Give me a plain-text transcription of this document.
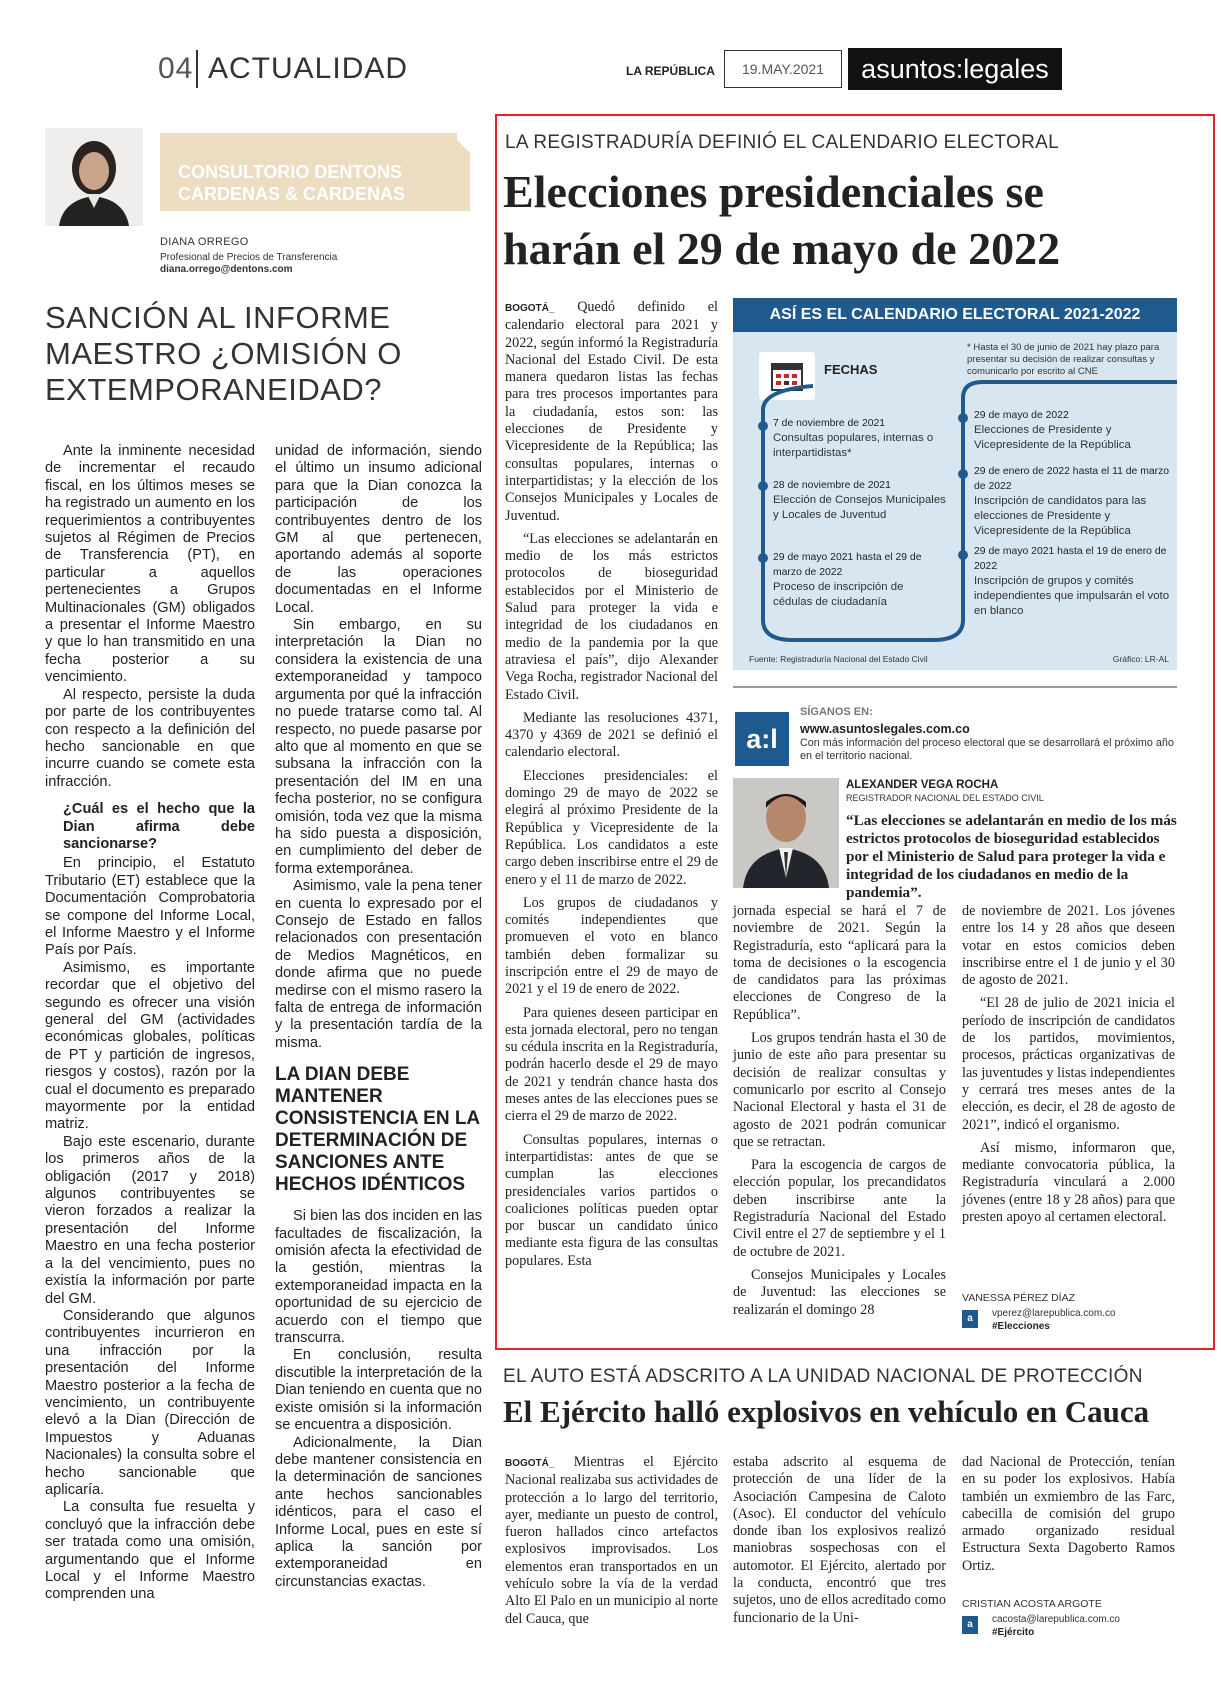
04 ACTUALIDAD	LA REPÚBLICA	19.MAY.2021	asuntos:legales
CONSULTORIO DENTONS
CARDENAS & CARDENAS
DIANA ORREGO
Profesional de Precios de Transferencia
diana.orrego@dentons.com
SANCIÓN AL INFORME MAESTRO ¿OMISIÓN O EXTEMPORANEIDAD?

Ante la inminente necesidad de incrementar el recaudo fiscal, en los últimos meses se ha registrado un aumento en los requerimientos a contribuyentes sujetos al Régimen de Precios de Transferencia (PT), en particular a aquellos pertenecientes a Grupos Multinacionales (GM) obligados a presentar el Informe Maestro y que lo han transmitido en una fecha posterior a su vencimiento.

Al respecto, persiste la duda por parte de los contribuyentes con respecto a la definición del hecho sancionable en que incurre cuando se comete esta infracción.

¿Cuál es el hecho que la Dian afirma debe sancionarse?

En principio, el Estatuto Tributario (ET) establece que la Documentación Comprobatoria se compone del Informe Local, el Informe Maestro y el Informe País por País.

Asimismo, es importante recordar que el objetivo del segundo es ofrecer una visión general del GM (actividades económicas globales, políticas de PT y partición de ingresos, riesgos y costos), razón por la cual el documento es preparado mayormente por la entidad matriz.

Bajo este escenario, durante los primeros años de la obligación (2017 y 2018) algunos contribuyentes se vieron forzados a realizar la presentación del Informe Maestro en una fecha posterior a la del vencimiento, pues no existía la información por parte del GM.

Considerando que algunos contribuyentes incurrieron en una infracción por la presentación del Informe Maestro posterior a la fecha de vencimiento, un contribuyente elevó a la Dian (Dirección de Impuestos y Aduanas Nacionales) la consulta sobre el hecho sancionable que aplicaría.

La consulta fue resuelta y concluyó que la infracción debe ser tratada como una omisión, argumentando que el Informe Local y el Informe Maestro comprenden una

unidad de información, siendo el último un insumo adicional para que la Dian conozca la participación de los contribuyentes dentro de los GM al que pertenecen, aportando además al soporte de las operaciones documentadas en el Informe Local.

Sin embargo, en su interpretación la Dian no considera la existencia de una extemporaneidad y tampoco argumenta por qué la infracción no puede tratarse como tal. Al respecto, no puede pasarse por alto que al momento en que se subsana la infracción con la presentación del IM en una fecha posterior, no se configura omisión, toda vez que la misma ha sido puesta a disposición, en cumplimiento del deber de forma extemporánea.

Asimismo, vale la pena tener en cuenta lo expresado por el Consejo de Estado en fallos relacionados con presentación de Medios Magnéticos, en donde afirma que no puede medirse con el mismo rasero la falta de entrega de información y la presentación tardía de la misma.

LA DIAN DEBE MANTENER CONSISTENCIA EN LA DETERMINACIÓN DE SANCIONES ANTE HECHOS IDÉNTICOS

Si bien las dos inciden en las facultades de fiscalización, la omisión afecta la efectividad de la gestión, mientras la extemporaneidad impacta en la oportunidad de su ejercicio de acuerdo con el tiempo que transcurra.

En conclusión, resulta discutible la interpretación de la Dian teniendo en cuenta que no existe omisión si la información se encuentra a disposición.

Adicionalmente, la Dian debe mantener consistencia en la determinación de sanciones ante hechos sancionables idénticos, para el caso el Informe Local, pues en este sí aplica la sanción por extemporaneidad en circunstancias exactas.

LA REGISTRADURÍA DEFINIÓ EL CALENDARIO ELECTORAL
Elecciones presidenciales se
harán el 29 de mayo de 2022

BOGOTÁ_ Quedó definido el calendario electoral para 2021 y 2022, según informó la Registraduría Nacional del Estado Civil. De esta manera quedaron listas las fechas para tres procesos importantes para la ciudadanía, estos son: las elecciones de Presidente y Vicepresidente de la República; las consultas populares, internas o interpartidistas; y la elección de los Consejos Municipales y Locales de Juventud.

“Las elecciones se adelantarán en medio de los más estrictos protocolos de bioseguridad establecidos por el Ministerio de Salud para proteger la vida e integridad de los ciudadanos en medio de la pandemia por la que atraviesa el país”, dijo Alexander Vega Rocha, registrador Nacional del Estado Civil.

Mediante las resoluciones 4371, 4370 y 4369 de 2021 se definió el calendario electoral.

Elecciones presidenciales: el domingo 29 de mayo de 2022 se elegirá al próximo Presidente de la República y Vicepresidente de la República. Los candidatos a este cargo deben inscribirse entre el 29 de enero y el 11 de marzo de 2022.

Los grupos de ciudadanos y comités independientes que promueven el voto en blanco también deben formalizar su inscripción entre el 29 de mayo de 2021 y el 19 de enero de 2022.

Para quienes deseen participar en esta jornada electoral, pero no tengan su cédula inscrita en la Registraduría, podrán hacerlo desde el 29 de mayo de 2021 y tendrán chance hasta dos meses antes de las elecciones pues se cierra el 29 de marzo de 2022.

Consultas populares, internas o interpartidistas: antes de que se cumplan las elecciones presidenciales varios partidos o coaliciones políticas pueden optar por buscar un candidato único mediante esta figura de las consultas populares. Esta

ASÍ ES EL CALENDARIO ELECTORAL 2021-2022
FECHAS
* Hasta el 30 de junio de 2021 hay plazo para presentar su decisión de realizar consultas y comunicarlo por escrito al CNE
7 de noviembre de 2021
Consultas populares, internas o interpartidistas*
28 de noviembre de 2021
Elección de Consejos Municipales y Locales de Juventud
29 de mayo 2021 hasta el 29 de marzo de 2022
Proceso de inscripción de cédulas de ciudadanía
29 de mayo de 2022
Elecciones de Presidente y Vicepresidente de la República
29 de enero de 2022 hasta el 11 de marzo de 2022
Inscripción de candidatos para las elecciones de Presidente y Vicepresidente de la República
29 de mayo 2021 hasta el 19 de enero de 2022
Inscripción de grupos y comités independientes que impulsarán el voto en blanco
Fuente: Registraduría Nacional del Estado Civil	Gráfico: LR-AL
a:l
SÍGANOS EN:
www.asuntoslegales.com.co
Con más información del proceso electoral que se desarrollará el próximo año en el territorio nacional.
ALEXANDER VEGA ROCHA
REGISTRADOR NACIONAL DEL ESTADO CIVIL
“Las elecciones se adelantarán en medio de los más estrictos protocolos de bioseguridad establecidos por el Ministerio de Salud para proteger la vida e integridad de los ciudadanos en medio de la pandemia”.

jornada especial se hará el 7 de noviembre de 2021. Según la Registraduría, esto “aplicará para la toma de decisiones o la escogencia de candidatos para las próximas elecciones de Congreso de la República”.

Los grupos tendrán hasta el 30 de junio de este año para presentar su decisión de realizar consultas y comunicarlo por escrito al Consejo Nacional Electoral y hasta el 31 de agosto de 2021 podrán comunicar que se retractan.

Para la escogencia de cargos de elección popular, los precandidatos deben inscribirse ante la Registraduría Nacional del Estado Civil entre el 27 de septiembre y el 1 de octubre de 2021.

Consejos Municipales y Locales de Juventud: las elecciones se realizarán el domingo 28

de noviembre de 2021. Los jóvenes entre los 14 y 28 años que deseen votar en estos comicios deben inscribirse entre el 1 de junio y el 30 de agosto de 2021.

“El 28 de julio de 2021 inicia el período de inscripción de candidatos de los partidos, movimientos, procesos, prácticas organizativas de las juventudes y listas independientes y cerrará tres meses antes de la elección, es decir, el 28 de agosto de 2021”, indicó el organismo.

Así mismo, informaron que, mediante convocatoria pública, la Registraduría vinculará a 2.000 jóvenes (entre 18 y 28 años) para que presten apoyo al certamen electoral.

VANESSA PÉREZ DÍAZ
a	vperez@larepublica.com.co
#Elecciones
EL AUTO ESTÁ ADSCRITO A LA UNIDAD NACIONAL DE PROTECCIÓN
El Ejército halló explosivos en vehículo en Cauca

BOGOTÁ_ Mientras el Ejército Nacional realizaba sus actividades de protección a lo largo del territorio, ayer, mediante un puesto de control, fueron hallados cinco artefactos explosivos improvisados. Los elementos eran transportados en un vehículo sobre la vía de la verdad Alto El Palo en un municipio al norte del Cauca, que

estaba adscrito al esquema de protección de una líder de la Asociación Campesina de Caloto (Asoc). El conductor del vehículo donde iban los explosivos realizó maniobras sospechosas con el automotor. El Ejército, alertado por la conducta, encontró que tres sujetos, uno de ellos acreditado como funcionario de la Uni-

dad Nacional de Protección, tenían en su poder los explosivos. Había también un exmiembro de las Farc, cabecilla de comisión del grupo armado organizado residual Estructura Sexta Dagoberto Ramos Ortiz.

CRISTIAN ACOSTA ARGOTE
a	cacosta@larepublica.com.co
#Ejército
